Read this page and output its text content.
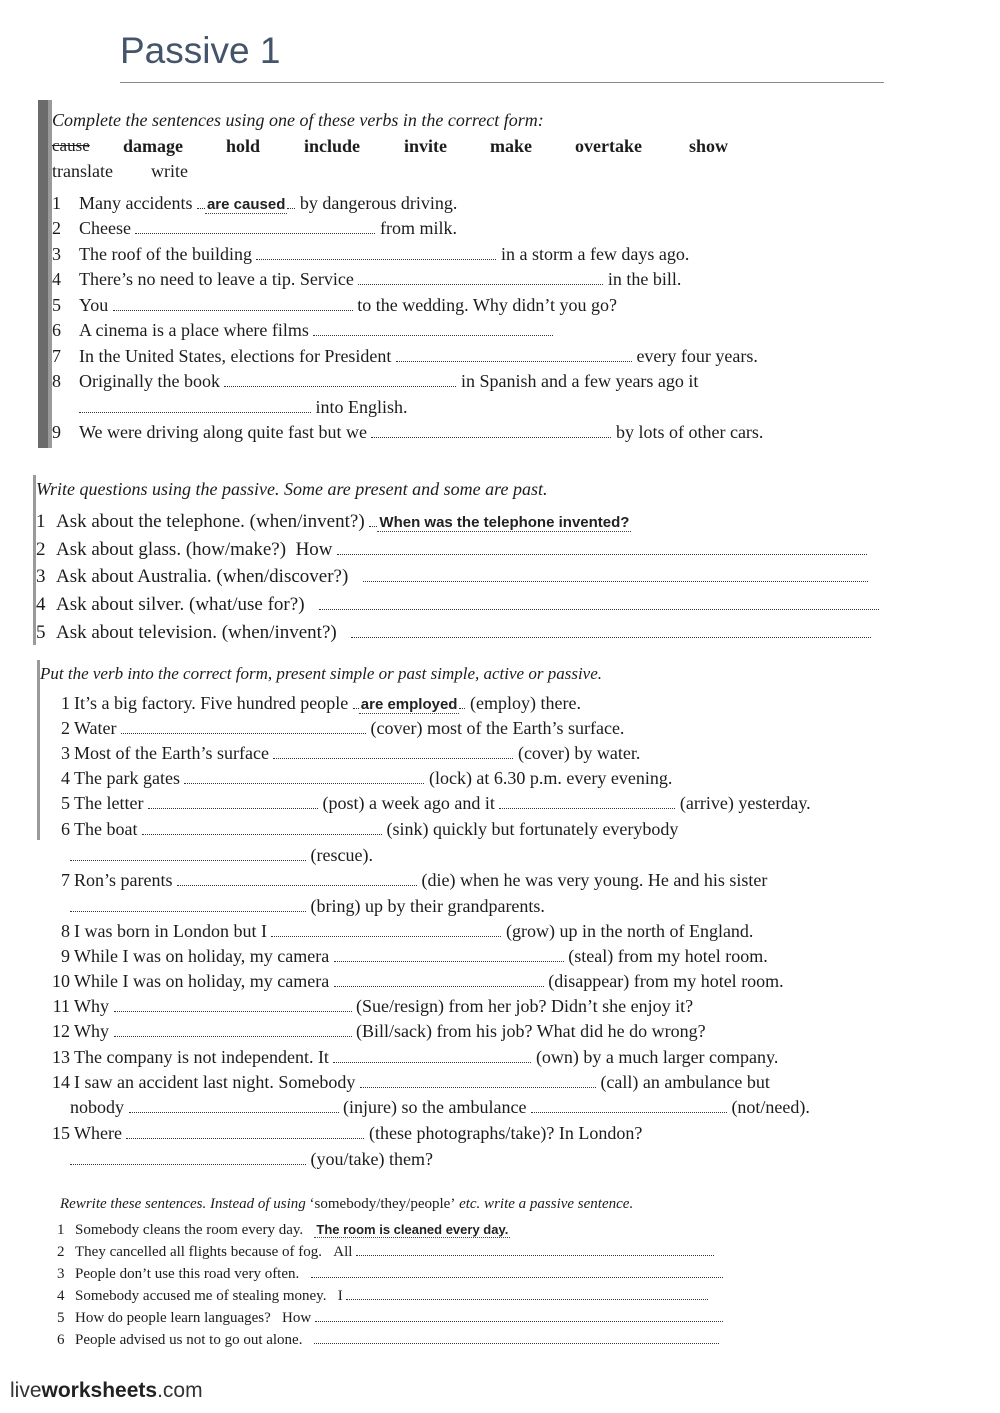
Passive 1
Complete the sentences using one of these verbs in the correct form:
cause damage hold include invite make overtake	show
translate write
1 Many accidents are caused by dangerous driving.
2 Cheese	from milk.
3 The roof of the building	in a storm a few days ago.
4 There’s no need to leave a tip. Service	in the bill.
5 You	to the wedding. Why didn’t you go?
6 A cinema is a place where films
7 In the United States, elections for President	every four years.
8 Originally the book	in Spanish and a few years ago it
into English.
9 We were driving along quite fast but we	by lots of other cars.
Write questions using the passive. Some are present and some are past.
1 Ask about the telephone. (when/invent?) When was the telephone invented?
2 Ask about glass. (how/make?) How
3 Ask about Australia. (when/discover?)
4 Ask about silver. (what/use for?)
5 Ask about television. (when/invent?)
Put the verb into the correct form, present simple or past simple, active or passive.
1 It’s a big factory. Five hundred people are employed (employ) there.
2 Water	(cover) most of the Earth’s surface.
3 Most of the Earth’s surface	(cover) by water.
4 The park gates	(lock) at 6.30 p.m. every evening.
5 The letter	(post) a week ago and it	(arrive) yesterday.
6 The boat	(sink) quickly but fortunately everybody
(rescue).
7 Ron’s parents	(die) when he was very young. He and his sister
(bring) up by their grandparents.
8 I was born in London but I	(grow) up in the north of England.
9 While I was on holiday, my camera	(steal) from my hotel room.
10 While I was on holiday, my camera	(disappear) from my hotel room.
11 Why	(Sue/resign) from her job? Didn’t she enjoy it?
12 Why	(Bill/sack) from his job? What did he do wrong?
13 The company is not independent. It	(own) by a much larger company.
14 I saw an accident last night. Somebody	(call) an ambulance but
nobody	(injure) so the ambulance	(not/need).
15 Where	(these photographs/take)? In London?
(you/take) them?
Rewrite these sentences. Instead of using ‘somebody/they/people’ etc. write a passive sentence.
1 Somebody cleans the room every day. The room is cleaned every day.
2 They cancelled all flights because of fog. All
3 People don’t use this road very often.
4 Somebody accused me of stealing money. I
5 How do people learn languages? How
6 People advised us not to go out alone.
liveworksheets.com
